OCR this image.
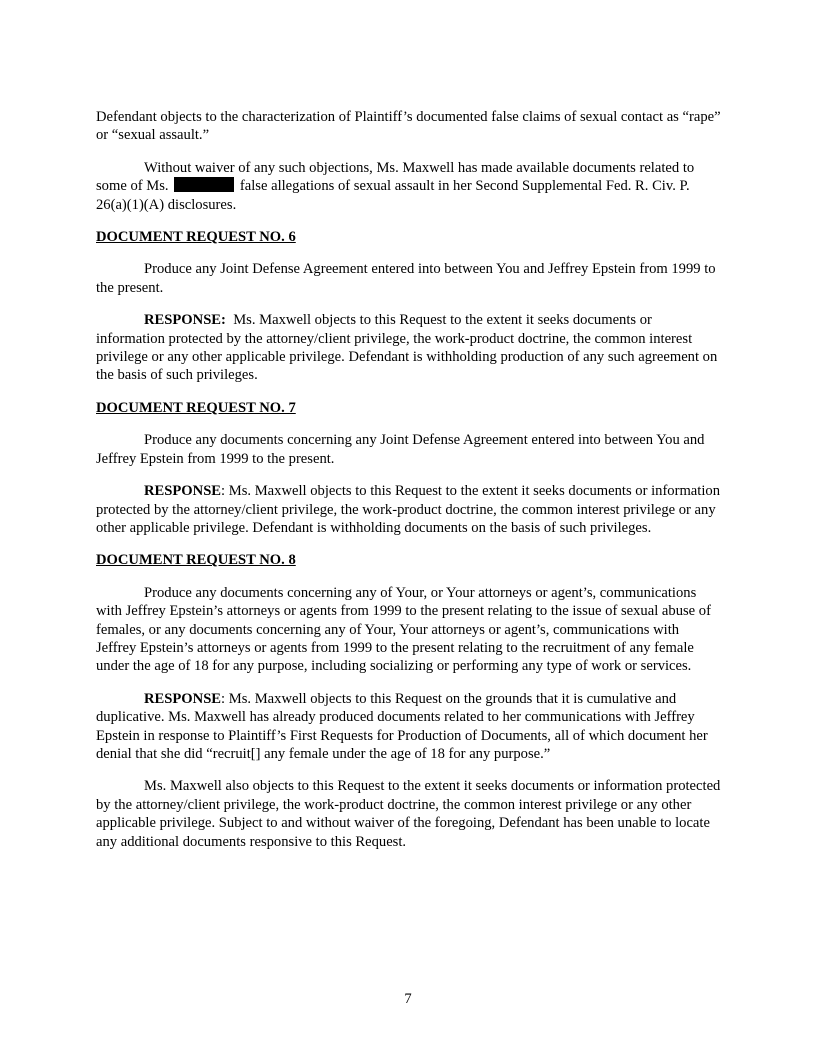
Defendant objects to the characterization of Plaintiff’s documented false claims of sexual contact as “rape” or “sexual assault.”

Without waiver of any such objections, Ms. Maxwell has made available documents related to some of Ms.	false allegations of sexual assault in her Second Supplemental Fed. R. Civ. P. 26(a)(1)(A) disclosures.

DOCUMENT REQUEST NO. 6

Produce any Joint Defense Agreement entered into between You and Jeffrey Epstein from 1999 to the present.

RESPONSE: Ms. Maxwell objects to this Request to the extent it seeks documents or information protected by the attorney/client privilege, the work-product doctrine, the common interest privilege or any other applicable privilege. Defendant is withholding production of any such agreement on the basis of such privileges.

DOCUMENT REQUEST NO. 7

Produce any documents concerning any Joint Defense Agreement entered into between You and Jeffrey Epstein from 1999 to the present.

RESPONSE: Ms. Maxwell objects to this Request to the extent it seeks documents or information protected by the attorney/client privilege, the work-product doctrine, the common interest privilege or any other applicable privilege. Defendant is withholding documents on the basis of such privileges.

DOCUMENT REQUEST NO. 8

Produce any documents concerning any of Your, or Your attorneys or agent’s, communications with Jeffrey Epstein’s attorneys or agents from 1999 to the present relating to the issue of sexual abuse of females, or any documents concerning any of Your, Your attorneys or agent’s, communications with Jeffrey Epstein’s attorneys or agents from 1999 to the present relating to the recruitment of any female under the age of 18 for any purpose, including socializing or performing any type of work or services.

RESPONSE: Ms. Maxwell objects to this Request on the grounds that it is cumulative and duplicative. Ms. Maxwell has already produced documents related to her communications with Jeffrey Epstein in response to Plaintiff’s First Requests for Production of Documents, all of which document her denial that she did “recruit[] any female under the age of 18 for any purpose.”

Ms. Maxwell also objects to this Request to the extent it seeks documents or information protected by the attorney/client privilege, the work-product doctrine, the common interest privilege or any other applicable privilege. Subject to and without waiver of the foregoing, Defendant has been unable to locate any additional documents responsive to this Request.

7
